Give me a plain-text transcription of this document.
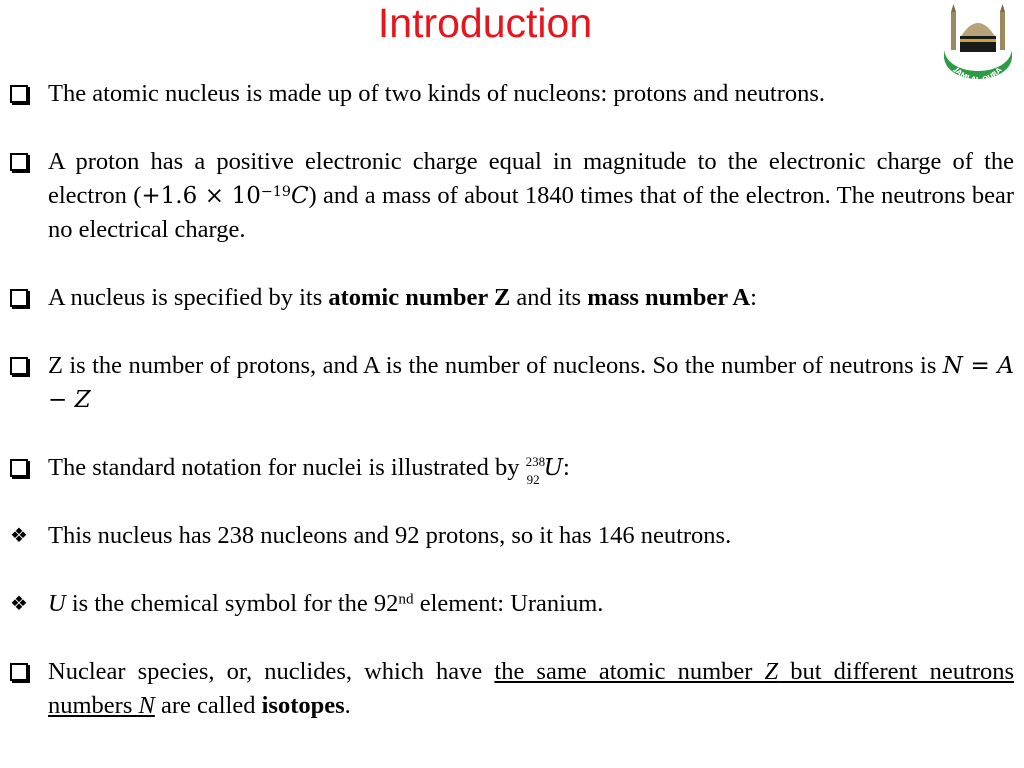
Introduction
JAMI AL-QURA
The atomic nucleus is made up of two kinds of nucleons: protons and neutrons.
A proton has a positive electronic charge equal in magnitude to the electronic charge of the electron $(+1.6 \times 10^{-19}C)$ and a mass of about 1840 times that of the electron. The neutrons bear no electrical charge.
A nucleus is specified by its atomic number Z and its mass number A:
Z is the number of protons, and A is the number of nucleons. So the number of neutrons is N = A − Z
The standard notation for nuclei is illustrated by 238
92 U:
❖ This nucleus has 238 nucleons and 92 protons, so it has 146 neutrons.
❖ U is the chemical symbol for the 92nd element: Uranium.
Nuclear species, or, nuclides, which have the same atomic number Z but different neutrons numbers N are called isotopes.
